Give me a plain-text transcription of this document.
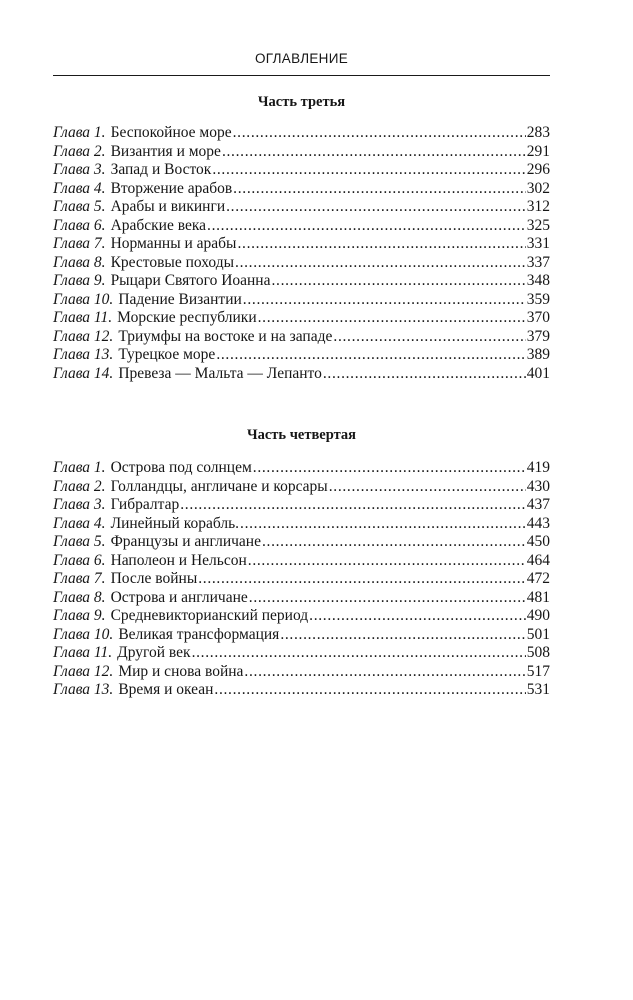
ОГЛАВЛЕНИЕ
Часть третья
Глава 1. Беспокойное море . . .	283
Глава 2. Византия и море . . .	291
Глава 3. Запад и Восток . . .	296
Глава 4. Вторжение арабов . . .	302
Глава 5. Арабы и викинги . . .	312
Глава 6. Арабские века . . .	325
Глава 7. Норманны и арабы . . .	331
Глава 8. Крестовые походы . . .	337
Глава 9. Рыцари Святого Иоанна . . .	348
Глава 10. Падение Византии . . .	359
Глава 11. Морские республики . . .	370
Глава 12. Триумфы на востоке и на западе . . .	379
Глава 13. Турецкое море . . .	389
Глава 14. Превеза — Мальта — Лепанто . . .	401
Часть четвертая
Глава 1. Острова под солнцем . . .	419
Глава 2. Голландцы, англичане и корсары . . .	430
Глава 3. Гибралтар . . .	437
Глава 4. Линейный корабль. . . .	443
Глава 5. Французы и англичане . . .	450
Глава 6. Наполеон и Нельсон . . .	464
Глава 7. После войны . . .	472
Глава 8. Острова и англичане . . .	481
Глава 9. Средневикторианский период . . .	490
Глава 10. Великая трансформация . . .	501
Глава 11. Другой век . . .	508
Глава 12. Мир и снова война . . .	517
Глава 13. Время и океан . . .	531
